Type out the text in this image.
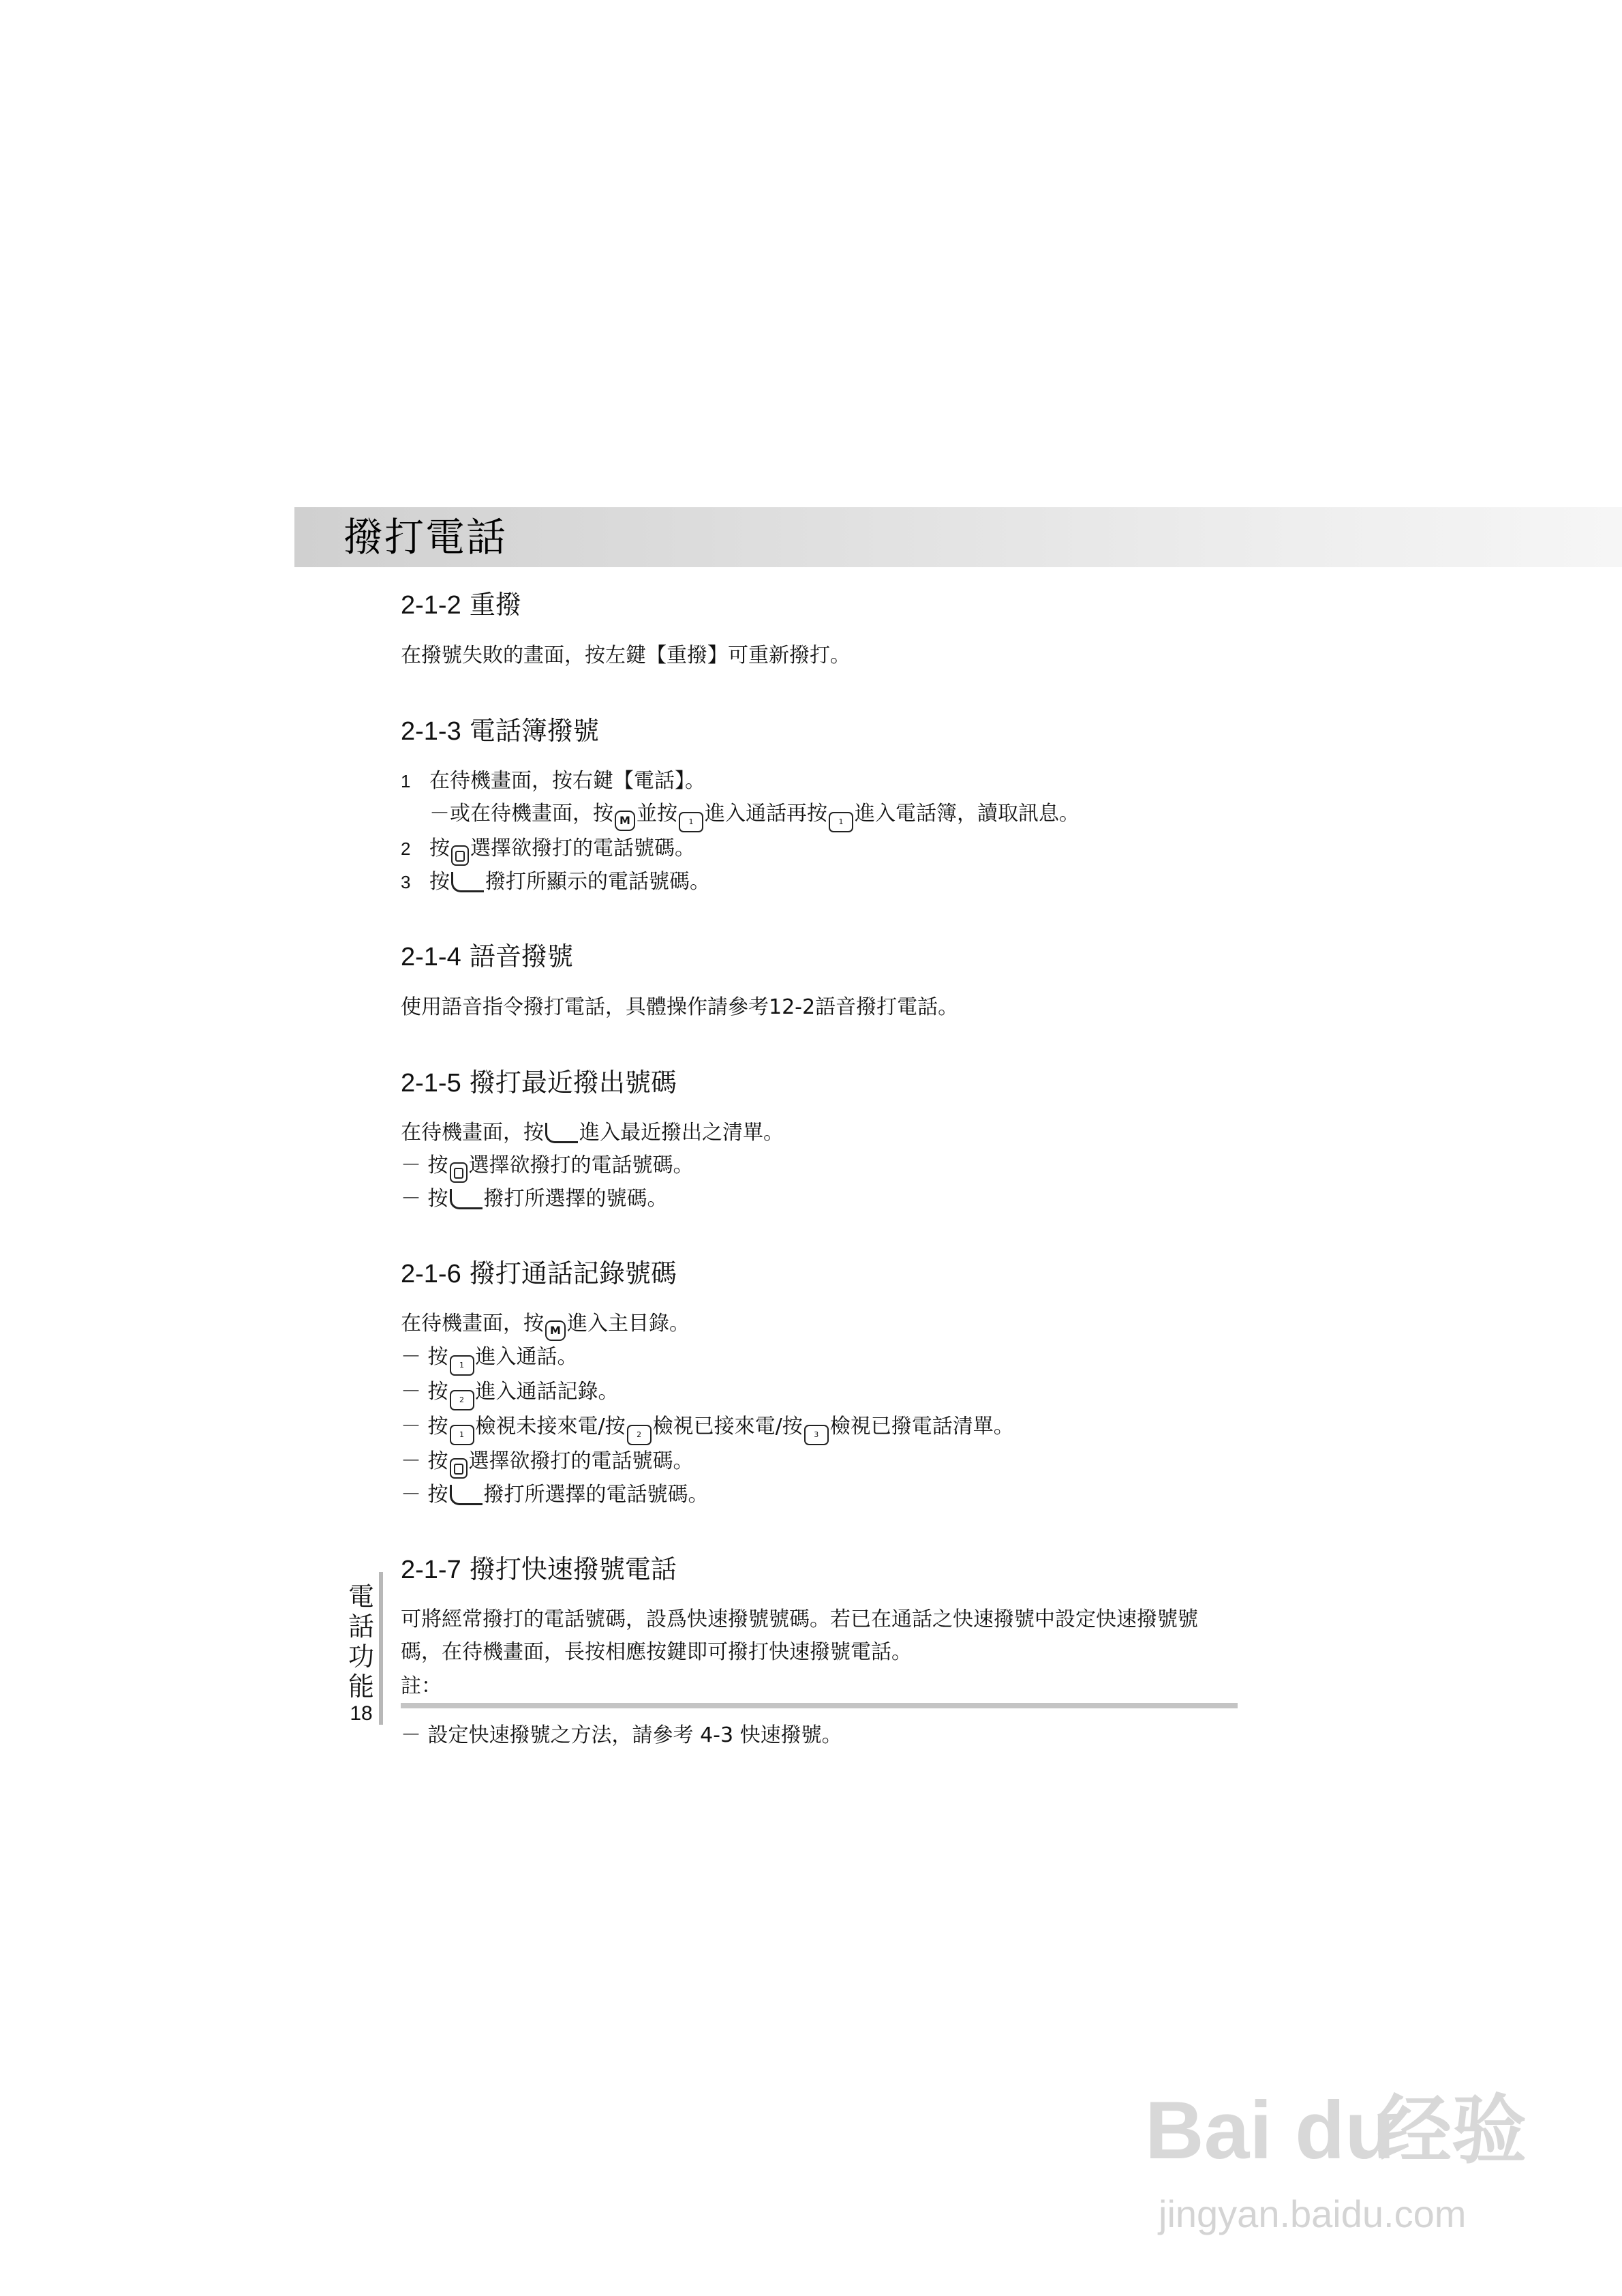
撥打電話
2-1-2 重撥

在撥號失敗的畫面，按左鍵【重撥】可重新撥打。

2-1-3 電話簿撥號
1 在待機畫面，按右鍵【電話】。
－或在待機畫面，按 M 並按 1 進入通話再按 1 進入電話簿，讀取訊息。
2 按 選擇欲撥打的電話號碼。
3 按 撥打所顯示的電話號碼。
2-1-4 語音撥號

使用語音指令撥打電話，具體操作請參考12-2語音撥打電話。

2-1-5 撥打最近撥出號碼
在待機畫面，按 進入最近撥出之清單。
－ 按 選擇欲撥打的電話號碼。
－ 按 撥打所選擇的號碼。
2-1-6 撥打通話記錄號碼
在待機畫面，按 M 進入主目錄。
－ 按 1 進入通話。
－ 按 2 進入通話記錄。
－ 按 1 檢視未接來電/按 2 檢視已接來電/按 3 檢視已撥電話清單。
－ 按 選擇欲撥打的電話號碼。
－ 按 撥打所選擇的電話號碼。
2-1-7 撥打快速撥號電話
可將經常撥打的電話號碼，設爲快速撥號號碼。若已在通話之快速撥號中設定快速撥號號
碼，在待機畫面，長按相應按鍵即可撥打快速撥號電話。
註：
－ 設定快速撥號之方法，請參考 4-3 快速撥號。
電
話
功
能
18
Bai du
经验
jingyan.baidu.com
